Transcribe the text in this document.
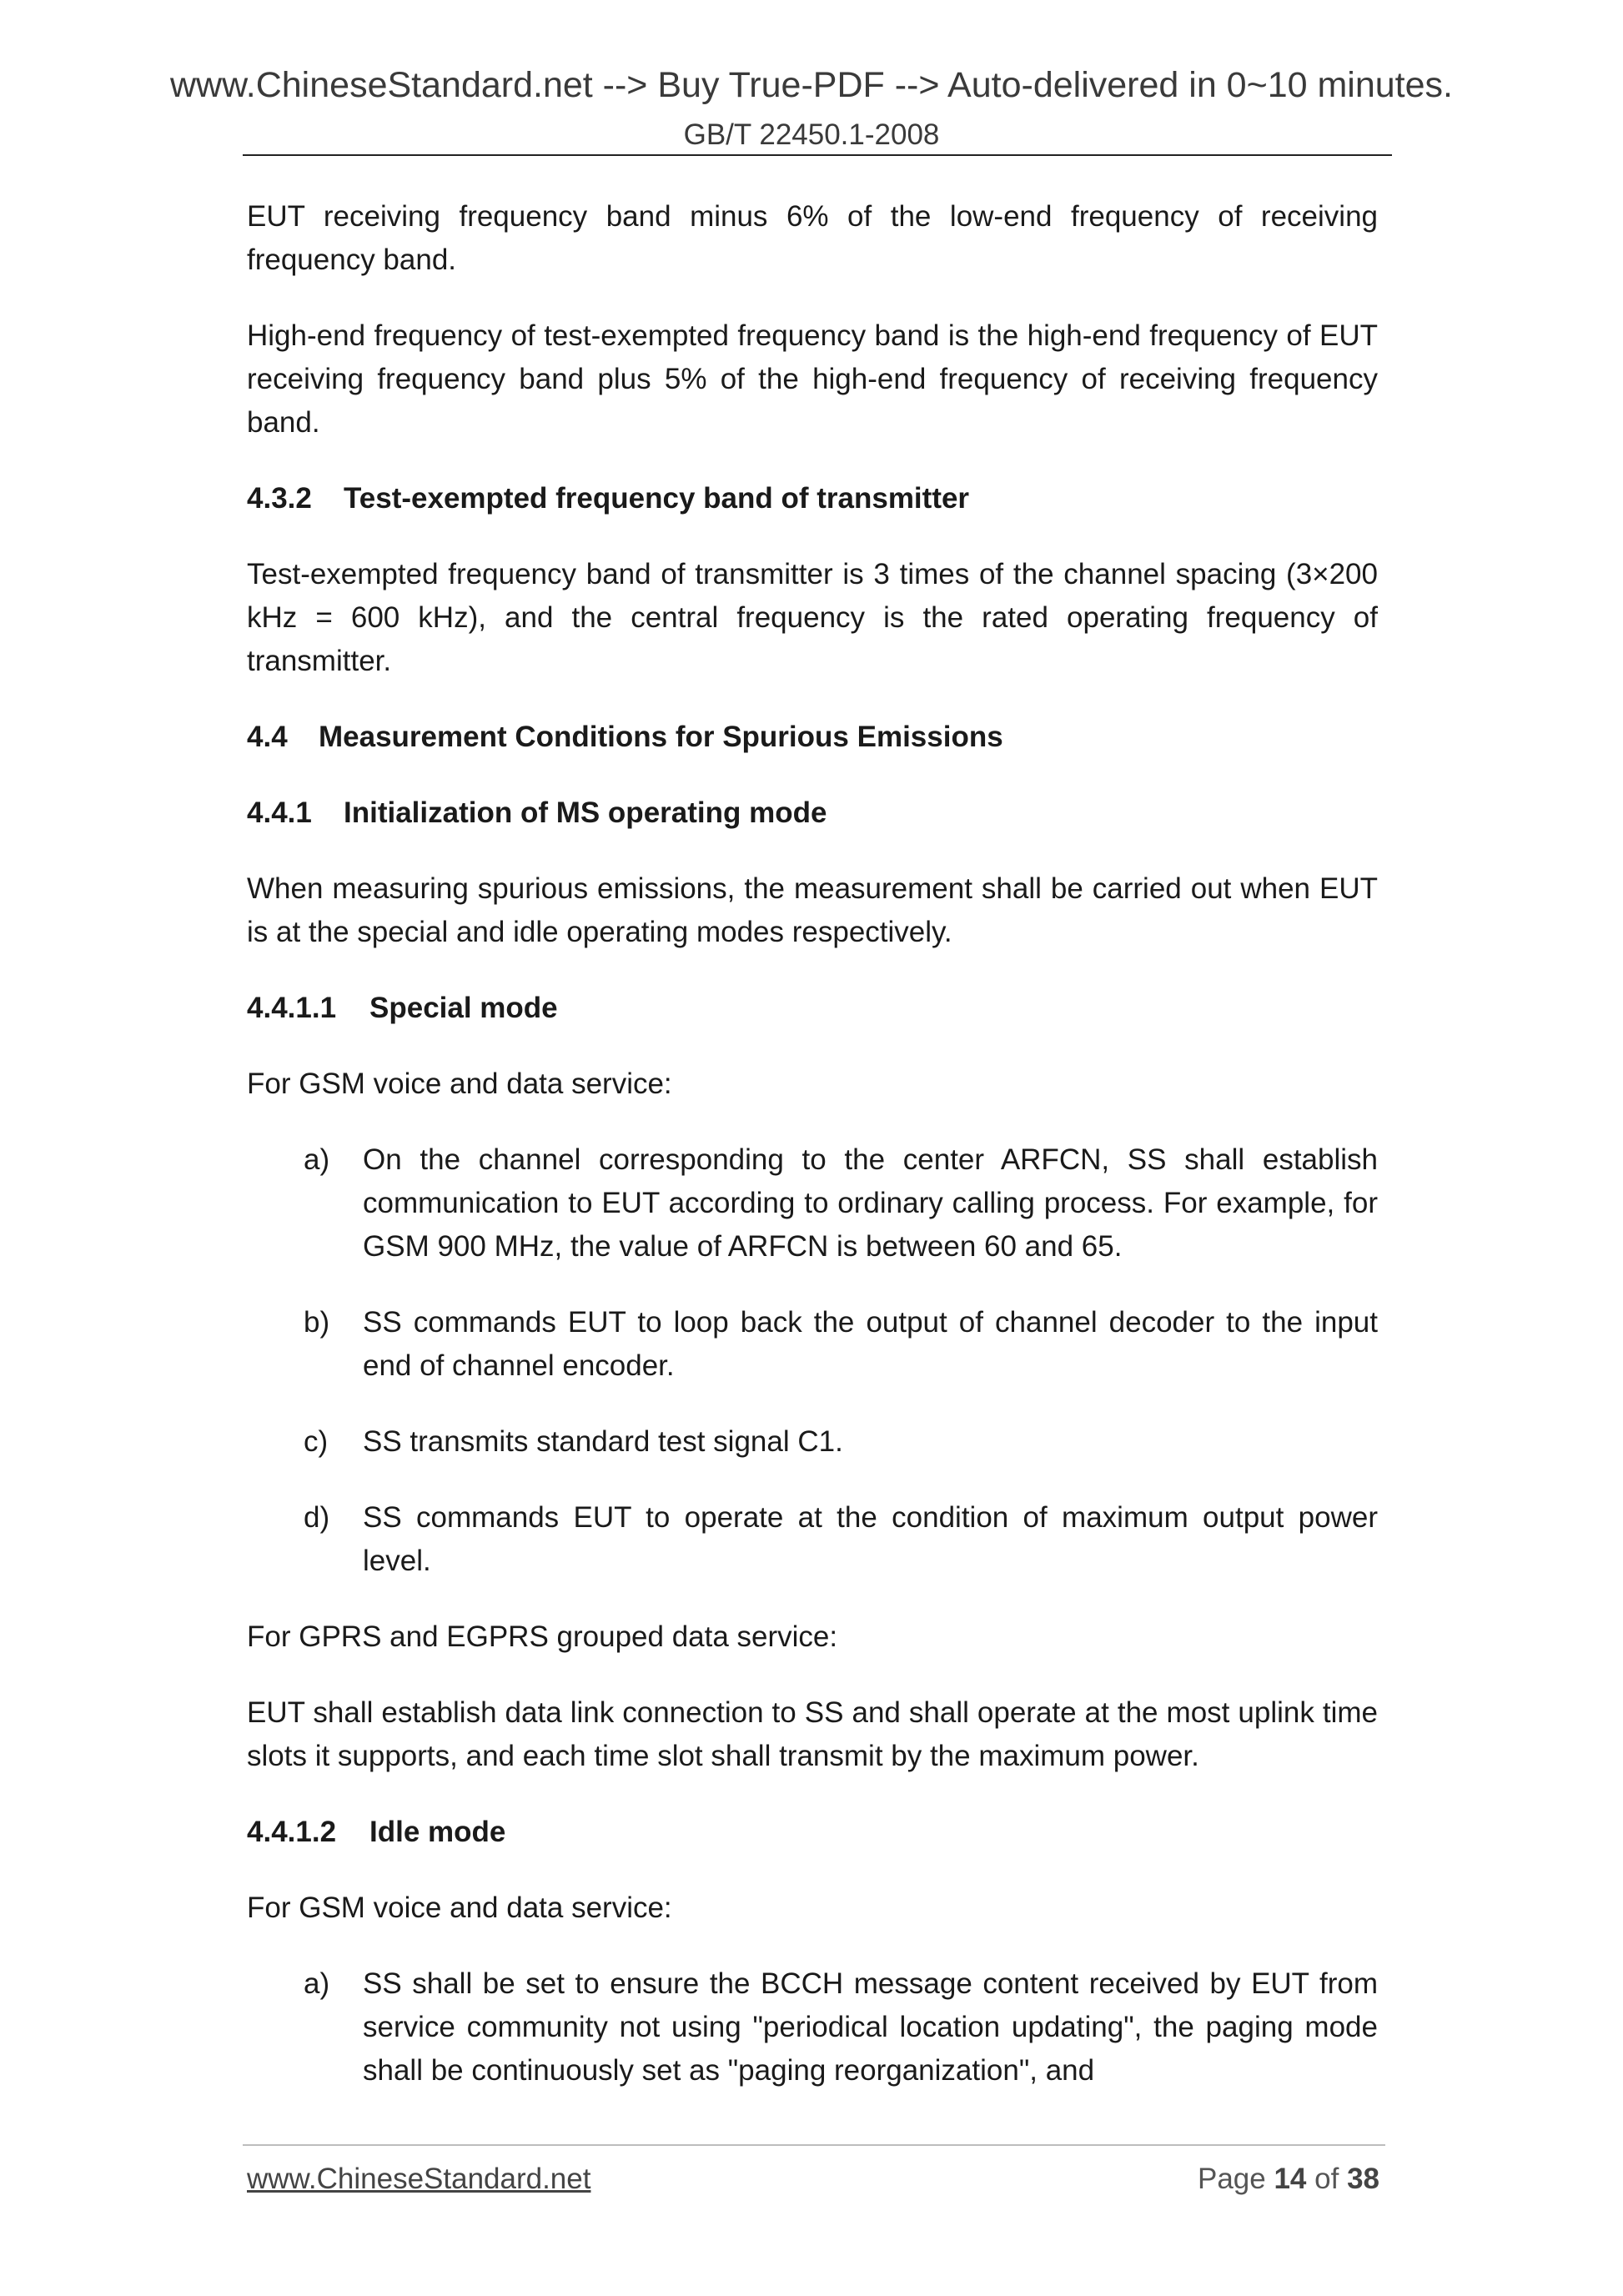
www.ChineseStandard.net --> Buy True-PDF --> Auto-delivered in 0~10 minutes.
GB/T 22450.1-2008

EUT receiving frequency band minus 6% of the low-end frequency of receiving frequency band.

High-end frequency of test-exempted frequency band is the high-end frequency of EUT receiving frequency band plus 5% of the high-end frequency of receiving frequency band.

4.3.2 Test-exempted frequency band of transmitter

Test-exempted frequency band of transmitter is 3 times of the channel spacing (3×200 kHz = 600 kHz), and the central frequency is the rated operating frequency of transmitter.

4.4 Measurement Conditions for Spurious Emissions
4.4.1 Initialization of MS operating mode

When measuring spurious emissions, the measurement shall be carried out when EUT is at the special and idle operating modes respectively.

4.4.1.1 Special mode

For GSM voice and data service:

a) On the channel corresponding to the center ARFCN, SS shall establish communication to EUT according to ordinary calling process. For example, for GSM 900 MHz, the value of ARFCN is between 60 and 65.
b) SS commands EUT to loop back the output of channel decoder to the input end of channel encoder.
c) SS transmits standard test signal C1.
d) SS commands EUT to operate at the condition of maximum output power level.

For GPRS and EGPRS grouped data service:

EUT shall establish data link connection to SS and shall operate at the most uplink time slots it supports, and each time slot shall transmit by the maximum power.

4.4.1.2 Idle mode

For GSM voice and data service:

a) SS shall be set to ensure the BCCH message content received by EUT from service community not using "periodical location updating", the paging mode shall be continuously set as "paging reorganization", and
www.ChineseStandard.net	Page 14 of 38
